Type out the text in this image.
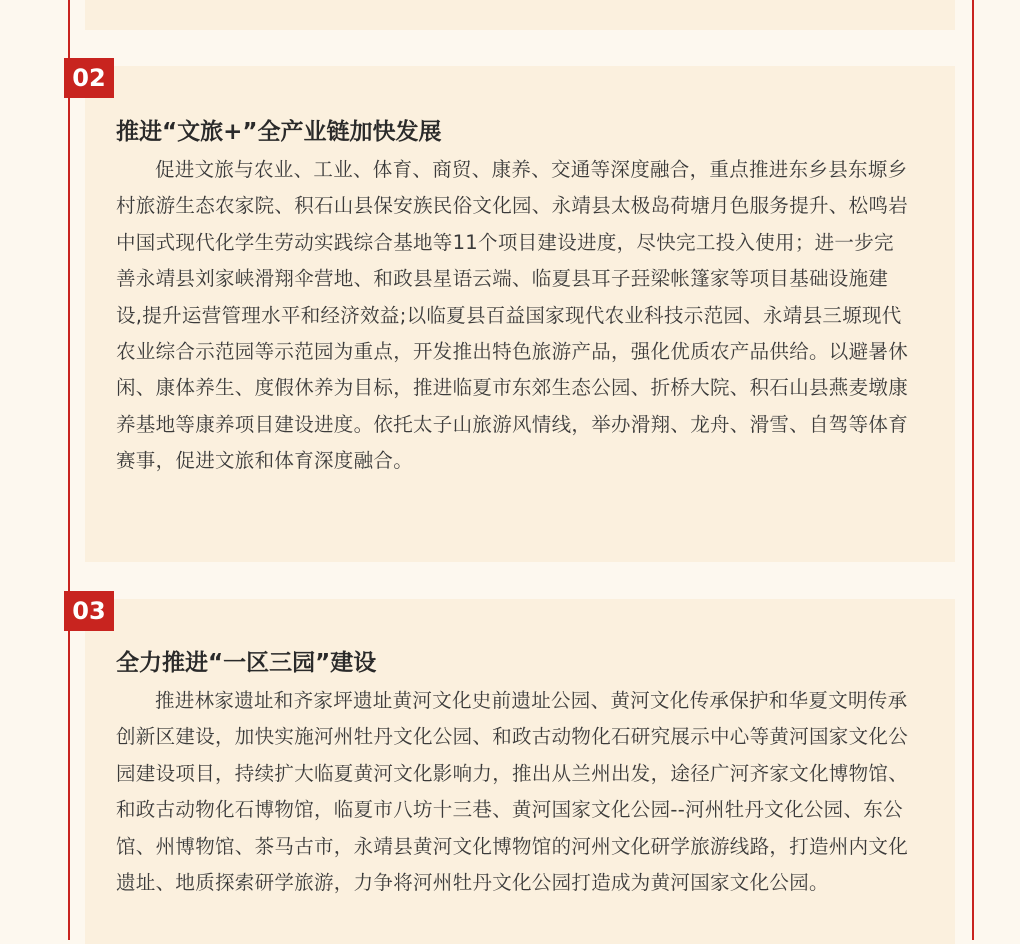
02
推进“文旅+”全产业链加快发展

促进文旅与农业、工业、体育、商贸、康养、交通等深度融合，重点推进东乡县东塬乡村旅游生态农家院、积石山县保安族民俗文化园、永靖县太极岛荷塘月色服务提升、松鸣岩中国式现代化学生劳动实践综合基地等11个项目建设进度，尽快完工投入使用；进一步完善永靖县刘家峡滑翔伞营地、和政县星语云端、临夏县耳子㠭梁帐篷家等项目基础设施建设,提升运营管理水平和经济效益;以临夏县百益国家现代农业科技示范园、永靖县三塬现代农业综合示范园等示范园为重点，开发推出特色旅游产品，强化优质农产品供给。以避暑休闲、康体养生、度假休养为目标，推进临夏市东郊生态公园、折桥大院、积石山县燕麦墩康养基地等康养项目建设进度。依托太子山旅游风情线，举办滑翔、龙舟、滑雪、自驾等体育赛事，促进文旅和体育深度融合。

03
全力推进“一区三园”建设

推进林家遗址和齐家坪遗址黄河文化史前遗址公园、黄河文化传承保护和华夏文明传承创新区建设，加快实施河州牡丹文化公园、和政古动物化石研究展示中心等黄河国家文化公园建设项目，持续扩大临夏黄河文化影响力，推出从兰州出发，途径广河齐家文化博物馆、和政古动物化石博物馆，临夏市八坊十三巷、黄河国家文化公园--河州牡丹文化公园、东公馆、州博物馆、茶马古市，永靖县黄河文化博物馆的河州文化研学旅游线路，打造州内文化遗址、地质探索研学旅游，力争将河州牡丹文化公园打造成为黄河国家文化公园。
